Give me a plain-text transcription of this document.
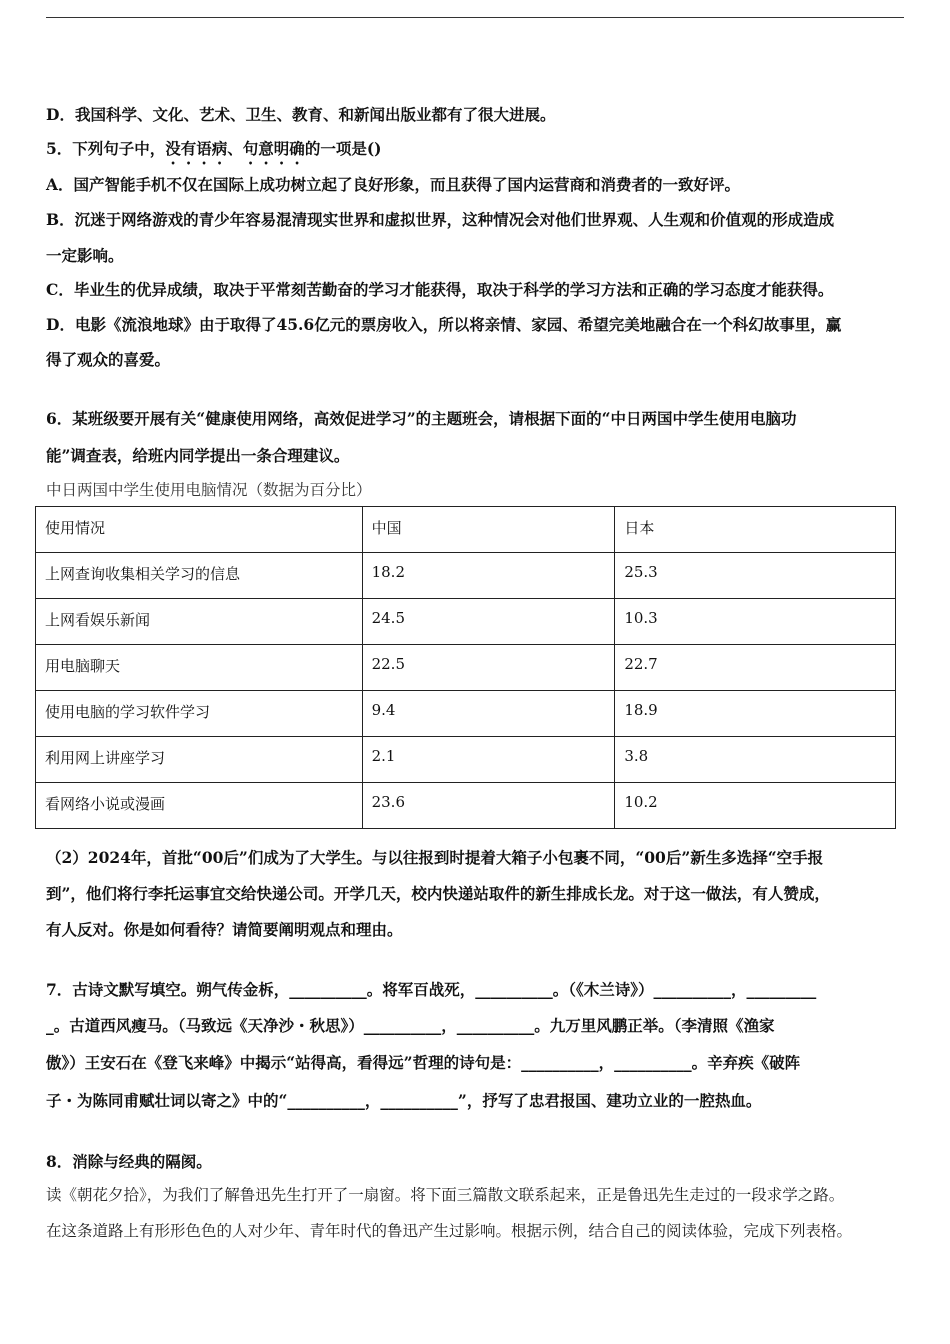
D．我国科学、文化、艺术、卫生、教育、和新闻出版业都有了很大进展。
5．下列句子中，没有语病、句意明确的一项是()
A．国产智能手机不仅在国际上成功树立起了良好形象，而且获得了国内运营商和消费者的一致好评。
B．沉迷于网络游戏的青少年容易混清现实世界和虚拟世界，这种情况会对他们世界观、人生观和价值观的形成造成
一定影响。
C．毕业生的优异成绩，取决于平常刻苦勤奋的学习才能获得，取决于科学的学习方法和正确的学习态度才能获得。
D．电影《流浪地球》由于取得了45.6亿元的票房收入，所以将亲情、家园、希望完美地融合在一个科幻故事里，赢
得了观众的喜爱。
6．某班级要开展有关“健康使用网络，高效促进学习”的主题班会，请根据下面的“中日两国中学生使用电脑功
能”调查表，给班内同学提出一条合理建议。
中日两国中学生使用电脑情况（数据为百分比）
使用情况	中国	日本
上网查询收集相关学习的信息	18.2	25.3
上网看娱乐新闻	24.5	10.3
用电脑聊天	22.5	22.7
使用电脑的学习软件学习	9.4	18.9
利用网上讲座学习	2.1	3.8
看网络小说或漫画	23.6	10.2
（2）2024年，首批“00后”们成为了大学生。与以往报到时提着大箱子小包裹不同，“00后”新生多选择“空手报
到”，他们将行李托运事宜交给快递公司。开学几天，校内快递站取件的新生排成长龙。对于这一做法，有人赞成，
有人反对。你是如何看待？请简要阐明观点和理由。
7．古诗文默写填空。朔气传金柝，__________。将军百战死，__________。（《木兰诗》）__________，_________
_。古道西风瘦马。（马致远《天净沙・秋思》）__________，__________。九万里风鹏正举。（李清照《渔家
傲》）王安石在《登飞来峰》中揭示“站得高，看得远”哲理的诗句是：__________，__________。辛弃疾《破阵
子・为陈同甫赋壮词以寄之》中的“__________，__________”，抒写了忠君报国、建功立业的一腔热血。
8．消除与经典的隔阂。
读《朝花夕拾》，为我们了解鲁迅先生打开了一扇窗。将下面三篇散文联系起来，正是鲁迅先生走过的一段求学之路。
在这条道路上有形形色色的人对少年、青年时代的鲁迅产生过影响。根据示例，结合自己的阅读体验，完成下列表格。
